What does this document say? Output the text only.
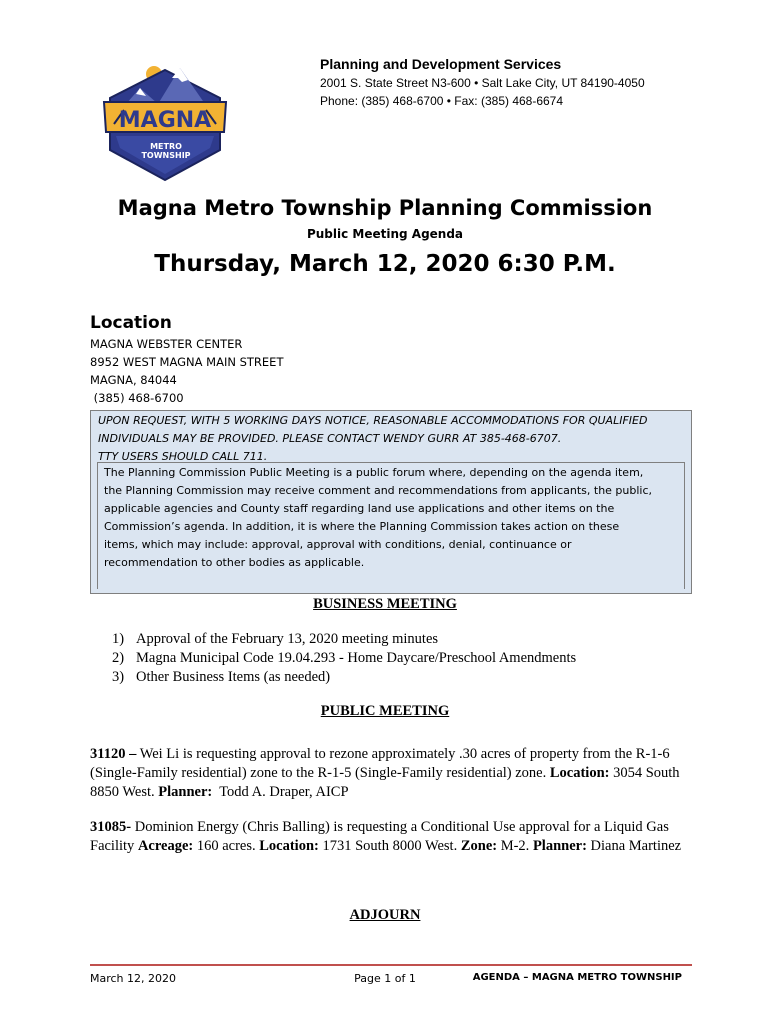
MAGNA
METRO TOWNSHIP
Planning and Development Services
2001 S. State Street N3-600 • Salt Lake City, UT 84190-4050
Phone: (385) 468-6700 • Fax: (385) 468-6674
Magna Metro Township Planning Commission
Public Meeting Agenda
Thursday, March 12, 2020 6:30 P.M.
Location
MAGNA WEBSTER CENTER
8952 WEST MAGNA MAIN STREET
MAGNA, 84044
(385) 468-6700
UPON REQUEST, WITH 5 WORKING DAYS NOTICE, REASONABLE ACCOMMODATIONS FOR QUALIFIED
INDIVIDUALS MAY BE PROVIDED. PLEASE CONTACT WENDY GURR AT 385-468-6707.
TTY USERS SHOULD CALL 711.
The Planning Commission Public Meeting is a public forum where, depending on the agenda item,
the Planning Commission may receive comment and recommendations from applicants, the public,
applicable agencies and County staff regarding land use applications and other items on the
Commission’s agenda. In addition, it is where the Planning Commission takes action on these
items, which may include: approval, approval with conditions, denial, continuance or
recommendation to other bodies as applicable.
BUSINESS MEETING
1) Approval of the February 13, 2020 meeting minutes
2) Magna Municipal Code 19.04.293 - Home Daycare/Preschool Amendments
3) Other Business Items (as needed)
PUBLIC MEETING
31120 – Wei Li is requesting approval to rezone approximately .30 acres of property from the R-1-6 (Single-Family residential) zone to the R-1-5 (Single-Family residential) zone. Location: 3054 South 8850 West. Planner:  Todd A. Draper, AICP
31085- Dominion Energy (Chris Balling) is requesting a Conditional Use approval for a Liquid Gas Facility Acreage: 160 acres. Location: 1731 South 8000 West. Zone: M-2. Planner: Diana Martinez
ADJOURN
March 12, 2020	Page 1 of 1	AGENDA – MAGNA METRO TOWNSHIP
